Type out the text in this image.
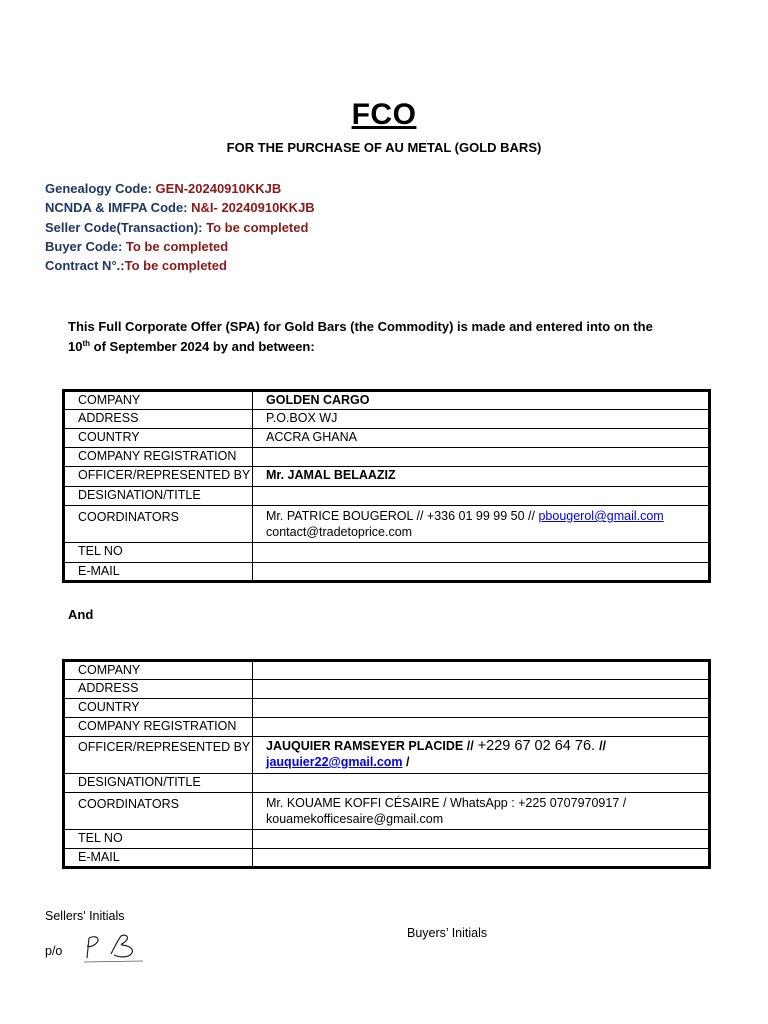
FCO
FOR THE PURCHASE OF AU METAL (GOLD BARS)
Genealogy Code: GEN-20240910KKJB
NCNDA & IMFPA Code: N&I- 20240910KKJB
Seller Code(Transaction): To be completed
Buyer Code: To be completed
Contract N°.:To be completed
This Full Corporate Offer (SPA) for Gold Bars (the Commodity) is made and entered into on the
10th of September 2024 by and between:
COMPANY	GOLDEN CARGO
ADDRESS	P.O.BOX WJ
COUNTRY	ACCRA GHANA
COMPANY REGISTRATION	
OFFICER/REPRESENTED BY	Mr. JAMAL BELAAZIZ
DESIGNATION/TITLE	
COORDINATORS	Mr. PATRICE BOUGEROL // +336 01 99 99 50 // pbougerol@gmail.com
contact@tradetoprice.com
TEL NO	
E-MAIL	
And
COMPANY	
ADDRESS	
COUNTRY	
COMPANY REGISTRATION	
OFFICER/REPRESENTED BY	JAUQUIER RAMSEYER PLACIDE // +229 67 02 64 76. //
jauquier22@gmail.com /
DESIGNATION/TITLE	
COORDINATORS	Mr. KOUAME KOFFI CÉSAIRE / WhatsApp : +225 0707970917 /
kouamekofficesaire@gmail.com
TEL NO	
E-MAIL	
Sellers' Initials
p/o
Buyers’ Initials
